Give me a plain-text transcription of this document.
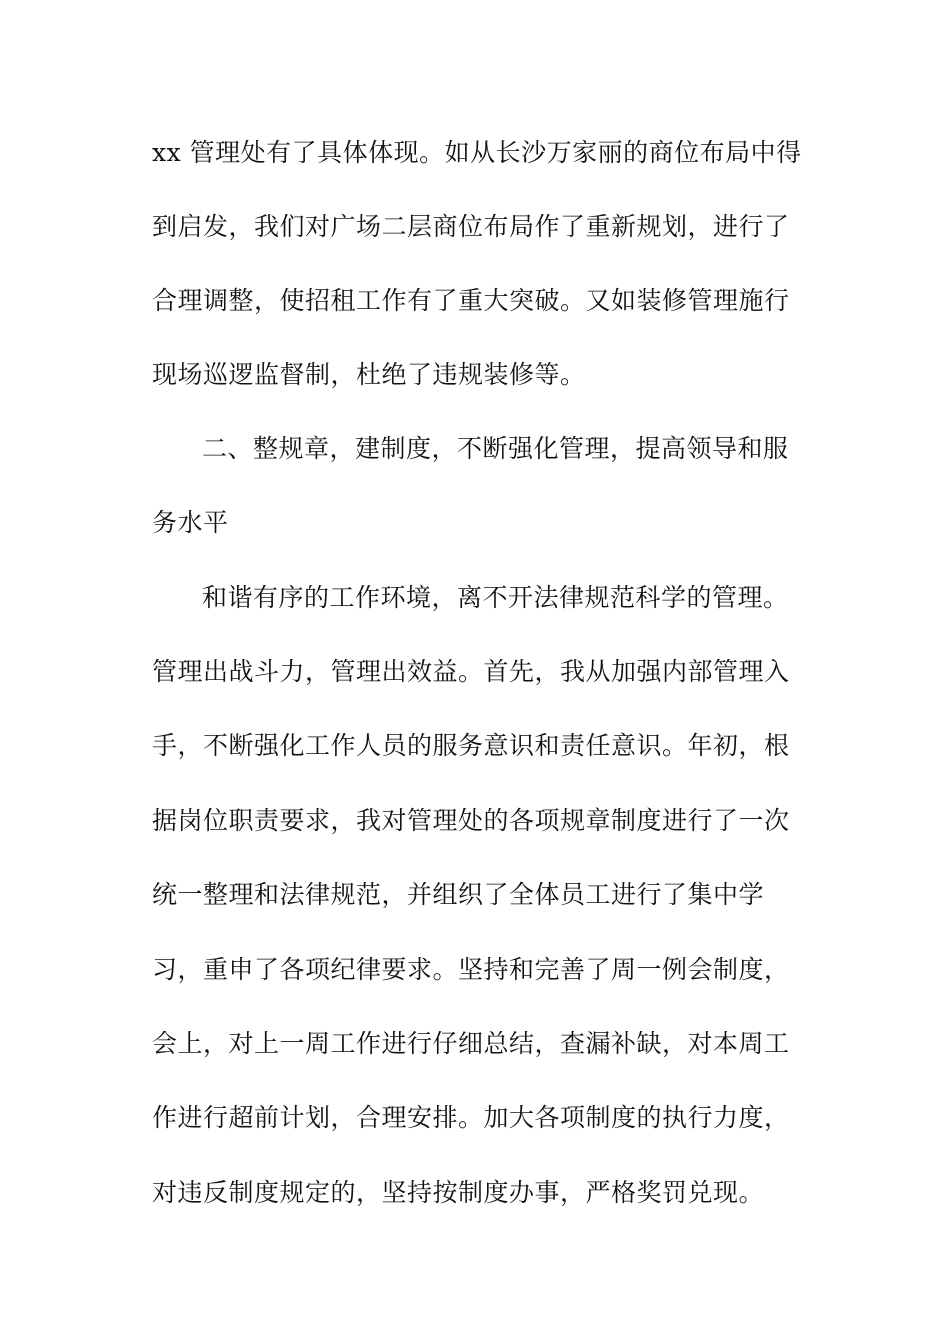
xx 管理处有了具体体现。如从长沙万家丽的商位布局中得
到启发，我们对广场二层商位布局作了重新规划，进行了
合理调整，使招租工作有了重大突破。又如装修管理施行
现场巡逻监督制，杜绝了违规装修等。
二、整规章，建制度，不断强化管理，提高领导和服
务水平
和谐有序的工作环境，离不开法律规范科学的管理。
管理出战斗力，管理出效益。首先，我从加强内部管理入
手，不断强化工作人员的服务意识和责任意识。年初，根
据岗位职责要求，我对管理处的各项规章制度进行了一次
统一整理和法律规范，并组织了全体员工进行了集中学
习，重申了各项纪律要求。坚持和完善了周一例会制度，
会上，对上一周工作进行仔细总结，查漏补缺，对本周工
作进行超前计划，合理安排。加大各项制度的执行力度，
对违反制度规定的，坚持按制度办事，严格奖罚兑现。
